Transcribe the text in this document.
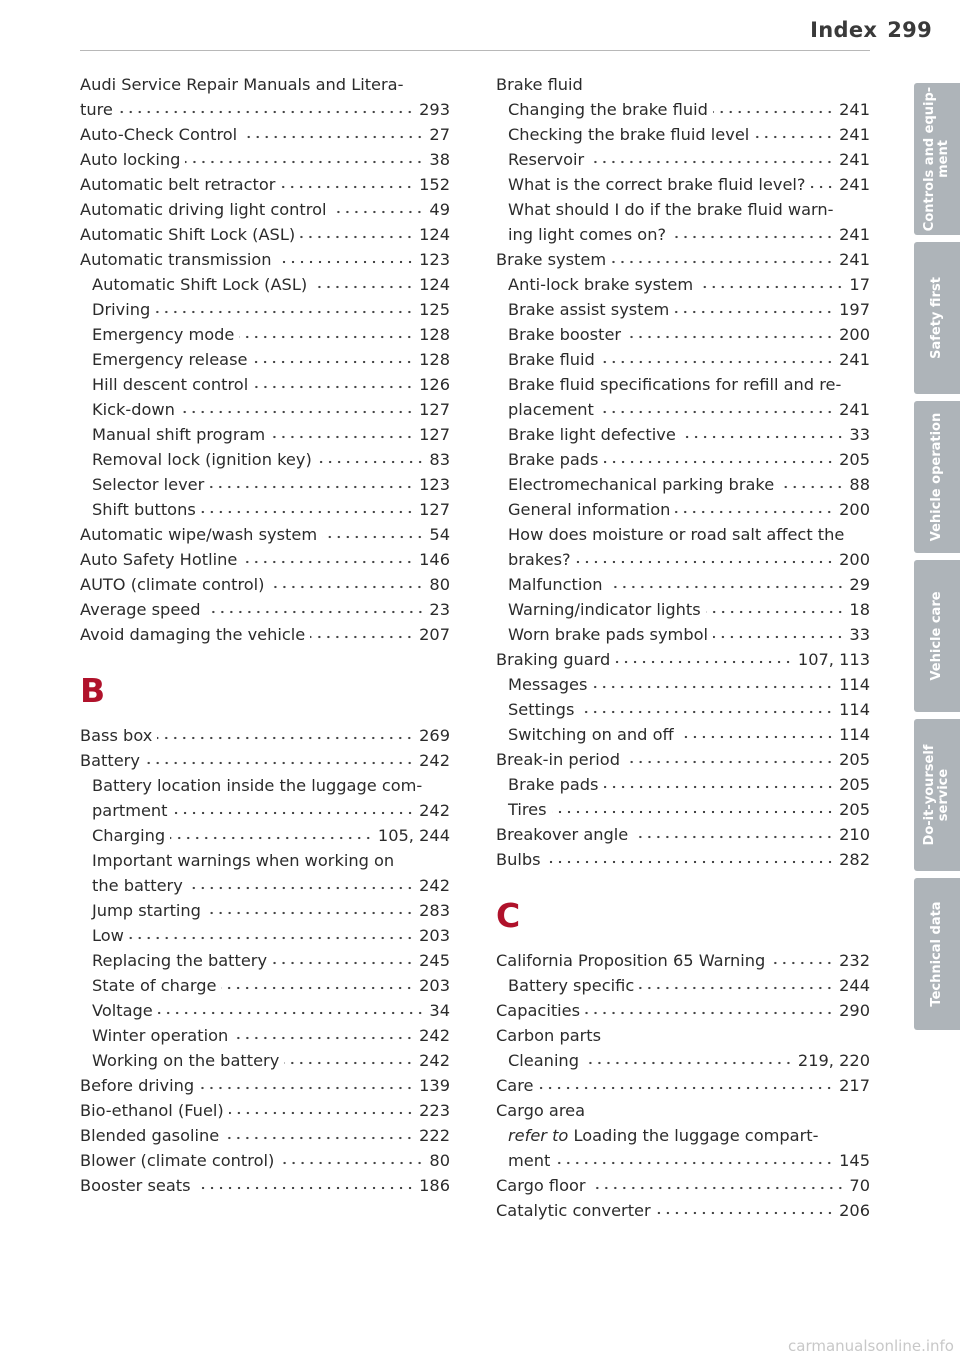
Index 299
Audi Service Repair Manuals and Litera-
ture	293
Auto-Check Control	27
Auto locking	38
Automatic belt retractor	152
Automatic driving light control	49
Automatic Shift Lock (ASL)	124
Automatic transmission	123
Automatic Shift Lock (ASL)	124
Driving	125
Emergency mode	128
Emergency release	128
Hill descent control	126
Kick-down	127
Manual shift program	127
Removal lock (ignition key)	83
Selector lever	123
Shift buttons	127
Automatic wipe/wash system	54
Auto Safety Hotline	146
AUTO (climate control)	80
Average speed	23
Avoid damaging the vehicle	207
B
Bass box	269
Battery	242
Battery location inside the luggage com-
partment	242
Charging	105, 244
Important warnings when working on
the battery	242
Jump starting	283
Low	203
Replacing the battery	245
State of charge	203
Voltage	34
Winter operation	242
Working on the battery	242
Before driving	139
Bio-ethanol (Fuel)	223
Blended gasoline	222
Blower (climate control)	80
Booster seats	186
Brake fluid
Changing the brake fluid	241
Checking the brake fluid level	241
Reservoir	241
What is the correct brake fluid level? 241
What should I do if the brake fluid warn-
ing light comes on?	241
Brake system	241
Anti-lock brake system	17
Brake assist system	197
Brake booster	200
Brake fluid	241
Brake fluid specifications for refill and re-
placement	241
Brake light defective	33
Brake pads	205
Electromechanical parking brake	88
General information	200
How does moisture or road salt affect the
brakes?	200
Malfunction	29
Warning/indicator lights	18
Worn brake pads symbol	33
Braking guard	107, 113
Messages	114
Settings	114
Switching on and off	114
Break-in period	205
Brake pads	205
Tires	205
Breakover angle	210
Bulbs	282
C
California Proposition 65 Warning	232
Battery specific	244
Capacities	290
Carbon parts
Cleaning	219, 220
Care	217
Cargo area
refer to Loading the luggage compart-
ment	145
Cargo floor	70
Catalytic converter	206
Controls and equip-
ment
Safety first
Vehicle operation
Vehicle care
Do-it-yourself
service
Technical data
carmanualsonline.info
